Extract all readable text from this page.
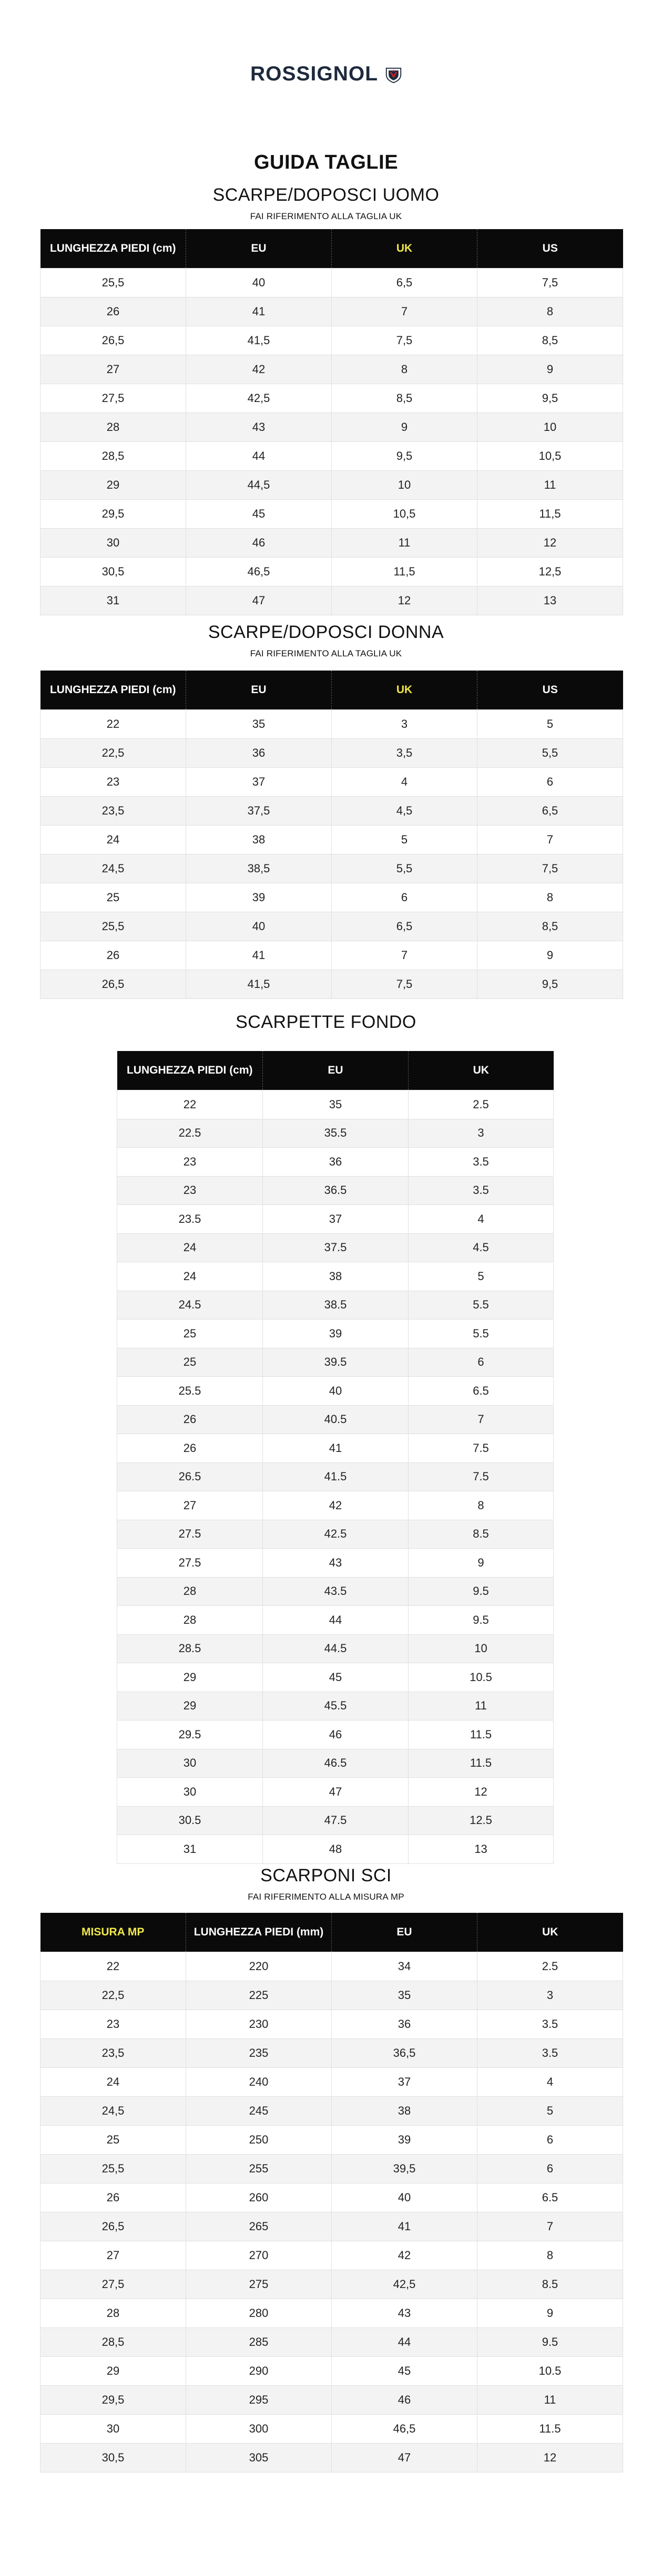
ROSSIGNOL
GUIDA TAGLIE
SCARPE/DOPOSCI UOMO
FAI RIFERIMENTO ALLA TAGLIA UK
LUNGHEZZA PIEDI (cm)	EU	UK	US
25,5	40	6,5	7,5
26	41	7	8
26,5	41,5	7,5	8,5
27	42	8	9
27,5	42,5	8,5	9,5
28	43	9	10
28,5	44	9,5	10,5
29	44,5	10	11
29,5	45	10,5	11,5
30	46	11	12
30,5	46,5	11,5	12,5
31	47	12	13
SCARPE/DOPOSCI DONNA
FAI RIFERIMENTO ALLA TAGLIA UK
LUNGHEZZA PIEDI (cm)	EU	UK	US
22	35	3	5
22,5	36	3,5	5,5
23	37	4	6
23,5	37,5	4,5	6,5
24	38	5	7
24,5	38,5	5,5	7,5
25	39	6	8
25,5	40	6,5	8,5
26	41	7	9
26,5	41,5	7,5	9,5
SCARPETTE FONDO
LUNGHEZZA PIEDI (cm)	EU	UK
22	35	2.5
22.5	35.5	3
23	36	3.5
23	36.5	3.5
23.5	37	4
24	37.5	4.5
24	38	5
24.5	38.5	5.5
25	39	5.5
25	39.5	6
25.5	40	6.5
26	40.5	7
26	41	7.5
26.5	41.5	7.5
27	42	8
27.5	42.5	8.5
27.5	43	9
28	43.5	9.5
28	44	9.5
28.5	44.5	10
29	45	10.5
29	45.5	11
29.5	46	11.5
30	46.5	11.5
30	47	12
30.5	47.5	12.5
31	48	13
SCARPONI SCI
FAI RIFERIMENTO ALLA MISURA MP
MISURA MP	LUNGHEZZA PIEDI (mm)	EU	UK
22	220	34	2.5
22,5	225	35	3
23	230	36	3.5
23,5	235	36,5	3.5
24	240	37	4
24,5	245	38	5
25	250	39	6
25,5	255	39,5	6
26	260	40	6.5
26,5	265	41	7
27	270	42	8
27,5	275	42,5	8.5
28	280	43	9
28,5	285	44	9.5
29	290	45	10.5
29,5	295	46	11
30	300	46,5	11.5
30,5	305	47	12
